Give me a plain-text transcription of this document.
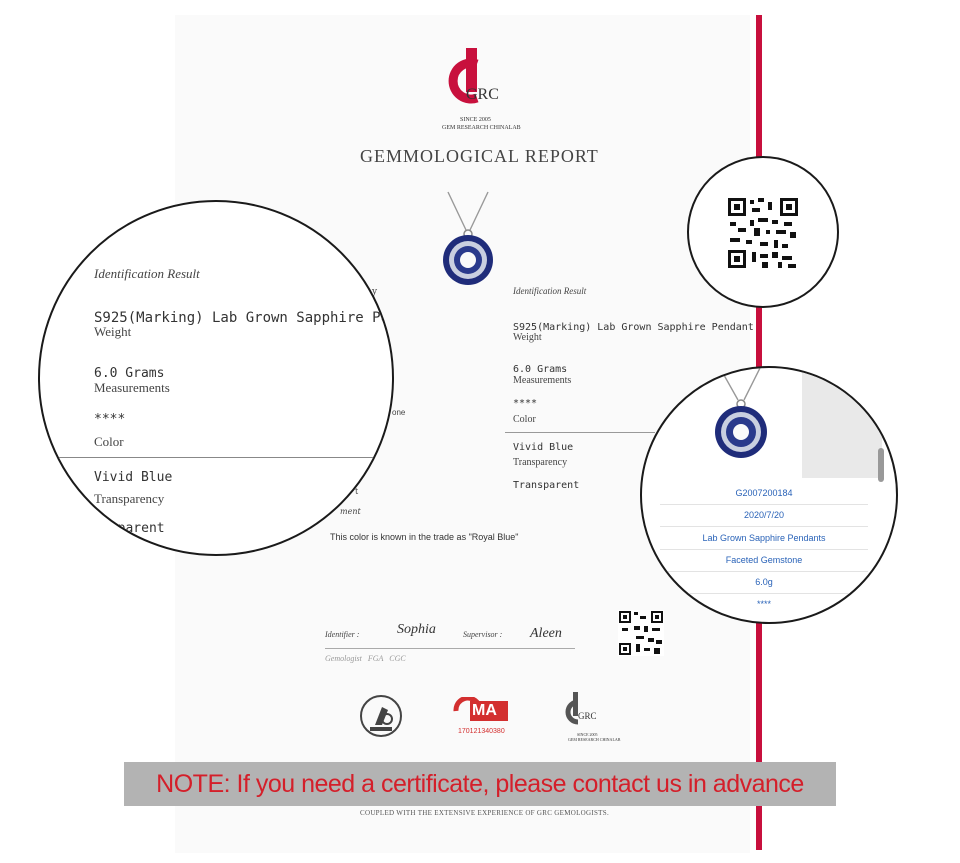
GRC
SINCE 2005
GEM RESEARCH CHINALAB
GEMMOLOGICAL REPORT
Identification Result
S925(Marking) Lab Grown Sapphire Pendant
Weight
6.0 Grams
Measurements
****
Color
Vivid Blue
Transparency
Transparent
y
one
t
ment
This color is known in the trade as "Royal Blue"
Identification Result
S925(Marking) Lab Grown Sapphire Pe
Weight
6.0 Grams
Measurements
****
Color
Vivid Blue
Transparency
nsparent
›
G2007200184
2020/7/20
Lab Grown Sapphire Pendants
Faceted Gemstone
6.0g
****
Identifier :	Sophia	Supervisor : Aleen
Gemologist   FGA   CGC
MA
170121340380
GRC
SINCE 2005
GEM RESEARCH CHINALAB
NOTE: If you need a certificate, please contact us in advance
COUPLED WITH THE EXTENSIVE EXPERIENCE OF GRC GEMOLOGISTS.
